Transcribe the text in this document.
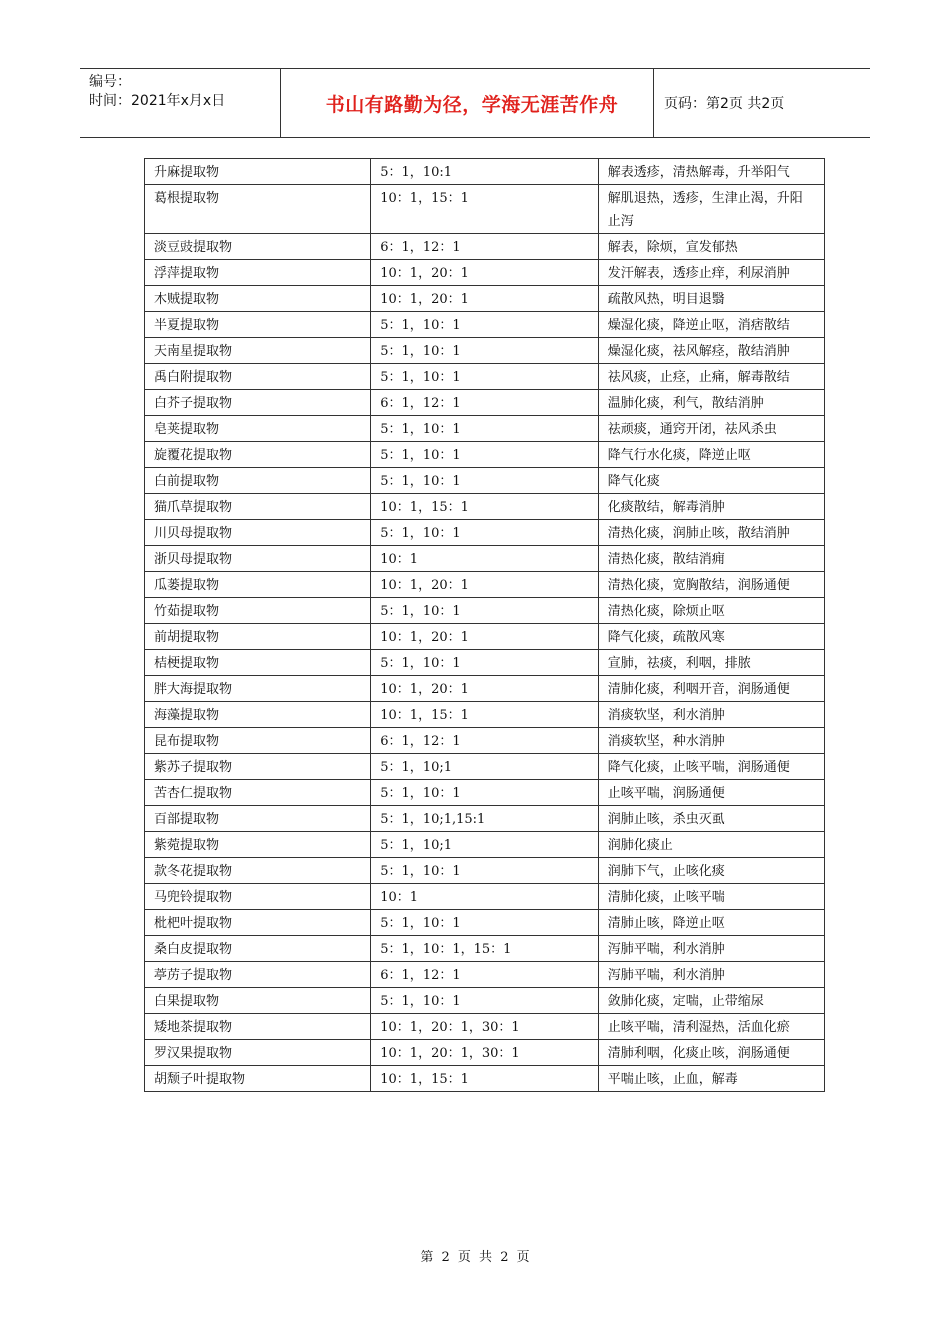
编号：
时间：2021年x月x日	书山有路勤为径，学海无涯苦作舟	页码：第2页 共2页
升麻提取物	5：1，10:1	解表透疹，清热解毒，升举阳气
葛根提取物	10：1，15：1	解肌退热，透疹，生津止渴，升阳止泻
淡豆豉提取物	6：1，12：1	解表，除烦，宣发郁热
浮萍提取物	10：1，20：1	发汗解表，透疹止痒，利尿消肿
木贼提取物	10：1，20：1	疏散风热，明目退翳
半夏提取物	5：1，10：1	燥湿化痰，降逆止呕，消痞散结
天南星提取物	5：1，10：1	燥湿化痰，祛风解痉，散结消肿
禹白附提取物	5：1，10：1	祛风痰，止痉，止痛，解毒散结
白芥子提取物	6：1，12：1	温肺化痰，利气，散结消肿
皂荚提取物	5：1，10：1	祛顽痰，通窍开闭，祛风杀虫
旋覆花提取物	5：1，10：1	降气行水化痰，降逆止呕
白前提取物	5：1，10：1	降气化痰
猫爪草提取物	10：1，15：1	化痰散结，解毒消肿
川贝母提取物	5：1，10：1	清热化痰，润肺止咳，散结消肿
浙贝母提取物	10：1	清热化痰，散结消痈
瓜蒌提取物	10：1，20：1	清热化痰，宽胸散结，润肠通便
竹茹提取物	5：1，10：1	清热化痰，除烦止呕
前胡提取物	10：1，20：1	降气化痰，疏散风寒
桔梗提取物	5：1，10：1	宣肺，祛痰，利咽，排脓
胖大海提取物	10：1，20：1	清肺化痰，利咽开音，润肠通便
海藻提取物	10：1，15：1	消痰软坚，利水消肿
昆布提取物	6：1，12：1	消痰软坚，种水消肿
紫苏子提取物	5：1，10;1	降气化痰，止咳平喘，润肠通便
苦杏仁提取物	5：1，10：1	止咳平喘，润肠通便
百部提取物	5：1，10;1,15:1	润肺止咳，杀虫灭虱
紫菀提取物	5：1，10;1	润肺化痰止
款冬花提取物	5：1，10：1	润肺下气，止咳化痰
马兜铃提取物	10：1	清肺化痰，止咳平喘
枇杷叶提取物	5：1，10：1	清肺止咳，降逆止呕
桑白皮提取物	5：1，10：1，15：1	泻肺平喘，利水消肿
葶苈子提取物	6：1，12：1	泻肺平喘，利水消肿
白果提取物	5：1，10：1	敛肺化痰，定喘，止带缩尿
矮地茶提取物	10：1，20：1，30：1	止咳平喘，清利湿热，活血化瘀
罗汉果提取物	10：1，20：1，30：1	清肺利咽，化痰止咳，润肠通便
胡颓子叶提取物	10：1，15：1	平喘止咳，止血，解毒
第 2 页 共 2 页
